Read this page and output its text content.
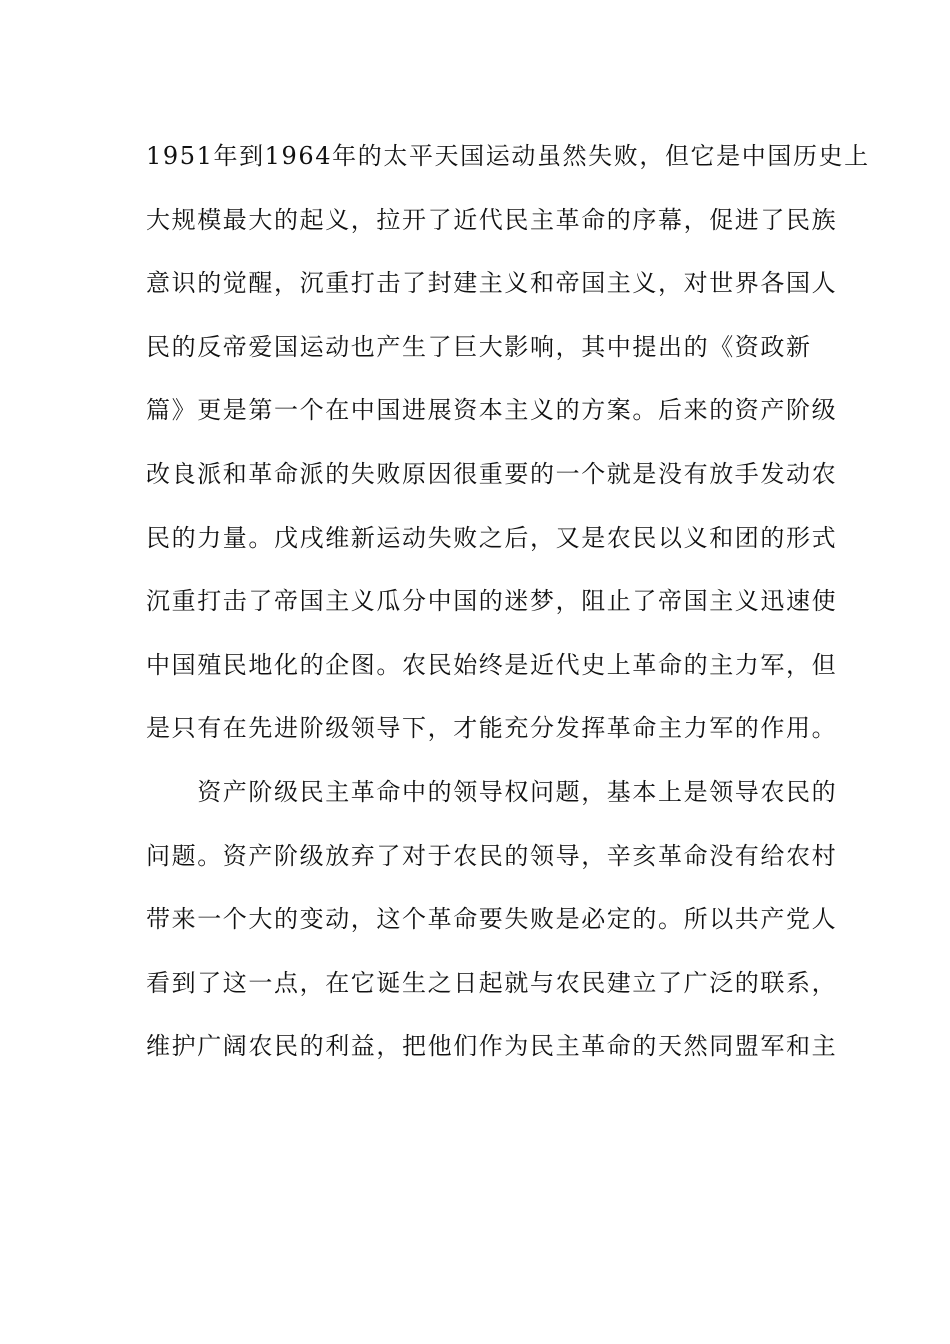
1951年到1964年的太平天国运动虽然失败，但它是中国历史上
大规模最大的起义，拉开了近代民主革命的序幕，促进了民族
意识的觉醒，沉重打击了封建主义和帝国主义，对世界各国人
民的反帝爱国运动也产生了巨大影响，其中提出的《资政新
篇》更是第一个在中国进展资本主义的方案。后来的资产阶级
改良派和革命派的失败原因很重要的一个就是没有放手发动农
民的力量。戊戌维新运动失败之后，又是农民以义和团的形式
沉重打击了帝国主义瓜分中国的迷梦，阻止了帝国主义迅速使
中国殖民地化的企图。农民始终是近代史上革命的主力军，但
是只有在先进阶级领导下，才能充分发挥革命主力军的作用。
　　资产阶级民主革命中的领导权问题，基本上是领导农民的
问题。资产阶级放弃了对于农民的领导，辛亥革命没有给农村
带来一个大的变动，这个革命要失败是必定的。所以共产党人
看到了这一点，在它诞生之日起就与农民建立了广泛的联系，
维护广阔农民的利益，把他们作为民主革命的天然同盟军和主
